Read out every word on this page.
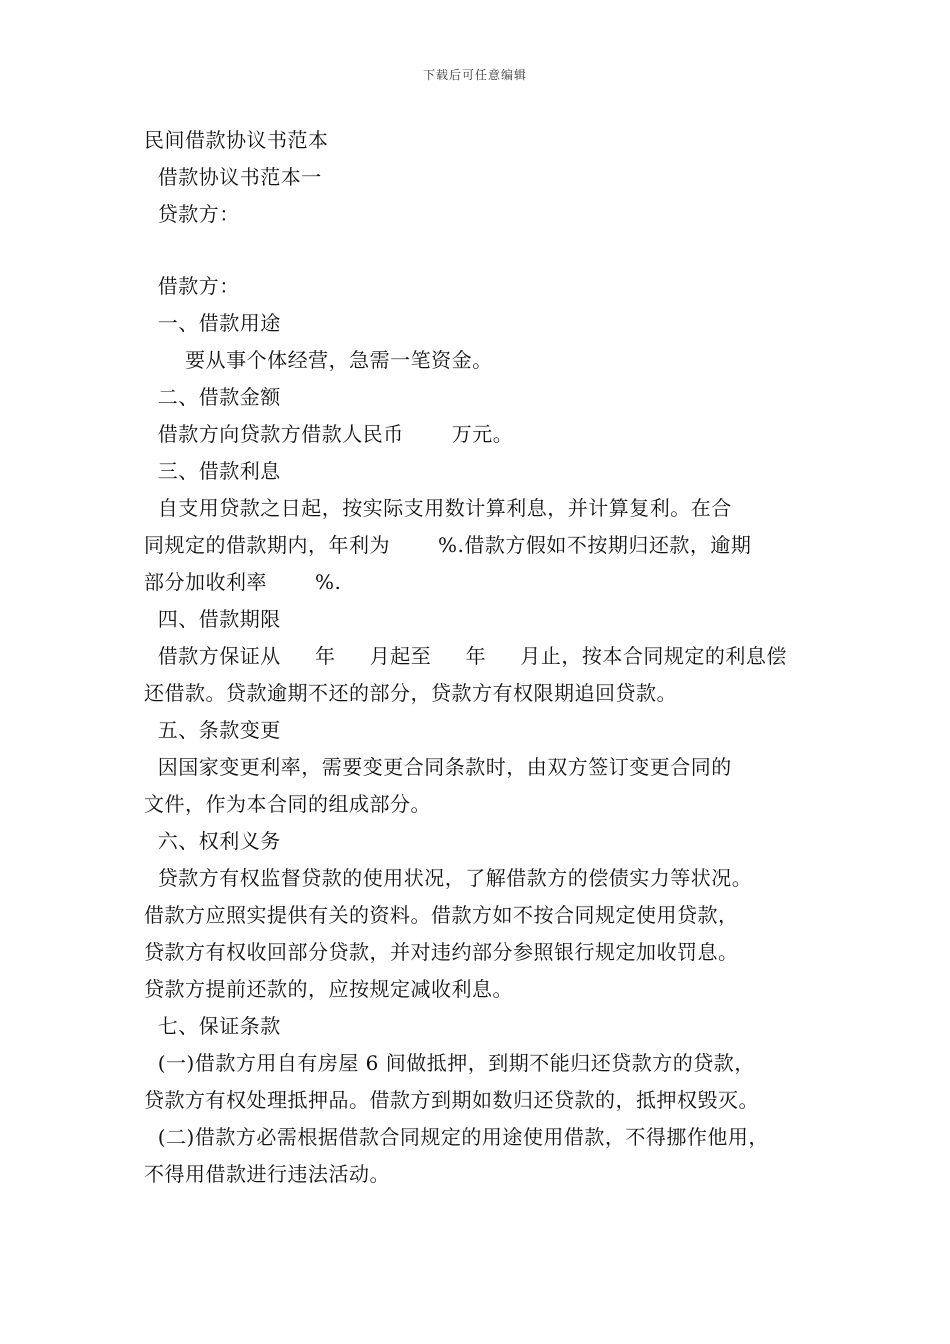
下载后可任意编辑
民间借款协议书范本
借款协议书范本一
贷款方：
借款方：
一、借款用途
要从事个体经营，急需一笔资金。
二、借款金额
借款方向贷款方借款人民币       万元。
三、借款利息
自支用贷款之日起，按实际支用数计算利息，并计算复利。在合
同规定的借款期内，年利为       %.借款方假如不按期归还款，逾期
部分加收利率       %.
四、借款期限
借款方保证从     年     月起至     年     月止，按本合同规定的利息偿
还借款。贷款逾期不还的部分，贷款方有权限期追回贷款。
五、条款变更
因国家变更利率，需要变更合同条款时，由双方签订变更合同的
文件，作为本合同的组成部分。
六、权利义务
贷款方有权监督贷款的使用状况，了解借款方的偿债实力等状况。
借款方应照实提供有关的资料。借款方如不按合同规定使用贷款，
贷款方有权收回部分贷款，并对违约部分参照银行规定加收罚息。
贷款方提前还款的，应按规定减收利息。
七、保证条款
(一)借款方用自有房屋 6 间做抵押，到期不能归还贷款方的贷款，
贷款方有权处理抵押品。借款方到期如数归还贷款的，抵押权毁灭。
(二)借款方必需根据借款合同规定的用途使用借款，不得挪作他用，
不得用借款进行违法活动。
